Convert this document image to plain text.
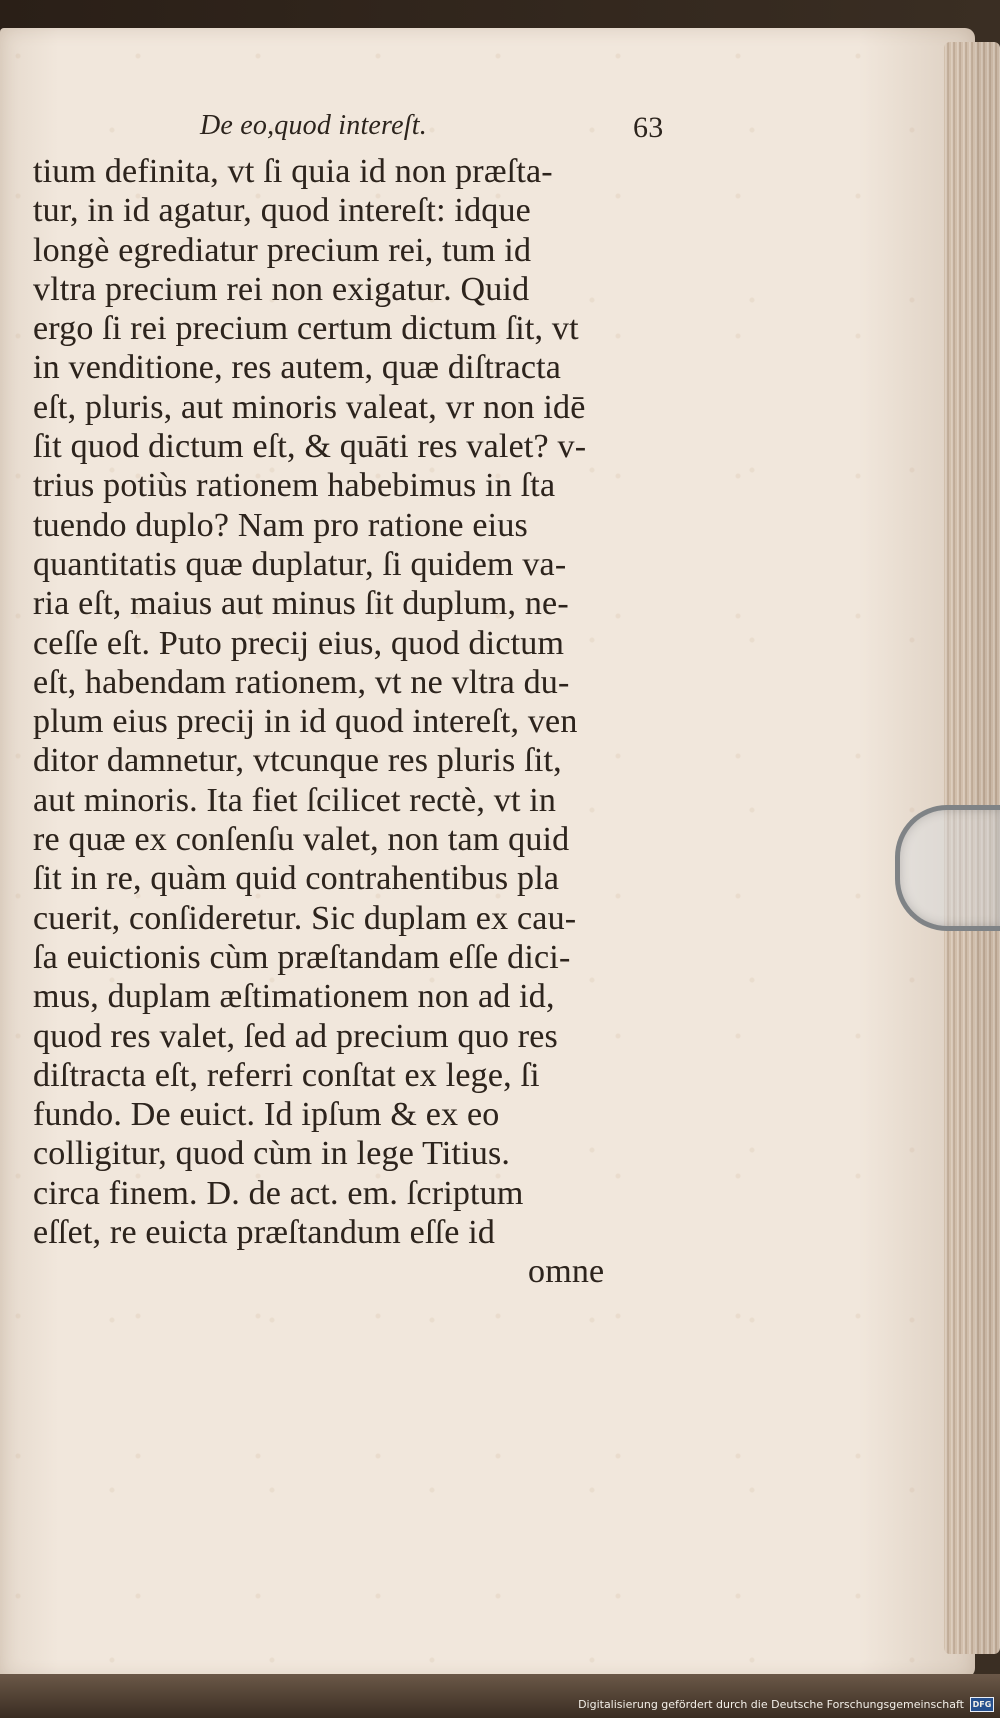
De eo,quod intereſt.	63
tium definita, vt ſi quia id non præſta-
tur, in id agatur, quod intereſt: idque
longè egrediatur precium rei, tum id
vltra precium rei non exigatur. Quid
ergo ſi rei precium certum dictum ſit, vt
in venditione, res autem, quæ diſtracta
eſt, pluris, aut minoris valeat, vr non idē
ſit quod dictum eſt, & quāti res valet? v-
trius potiùs rationem habebimus in ſta
tuendo duplo? Nam pro ratione eius
quantitatis quæ duplatur, ſi quidem va-
ria eſt, maius aut minus ſit duplum, ne-
ceſſe eſt. Puto precij eius, quod dictum
eſt, habendam rationem, vt ne vltra du-
plum eius precij in id quod intereſt, ven
ditor damnetur, vtcunque res pluris ſit,
aut minoris. Ita fiet ſcilicet rectè, vt in
re quæ ex conſenſu valet, non tam quid
ſit in re, quàm quid contrahentibus pla
cuerit, conſideretur. Sic duplam ex cau-
ſa euictionis cùm præſtandam eſſe dici-
mus, duplam æſtimationem non ad id,
quod res valet, ſed ad precium quo res
diſtracta eſt, referri conſtat ex lege, ſi
fundo. De euict. Id ipſum & ex eo
colligitur, quod cùm in lege Titius.
circa finem. D. de act. em. ſcriptum
eſſet, re euicta præſtandum eſſe id
omne
Digitalisierung gefördert durch die Deutsche Forschungsgemeinschaft	DFG
